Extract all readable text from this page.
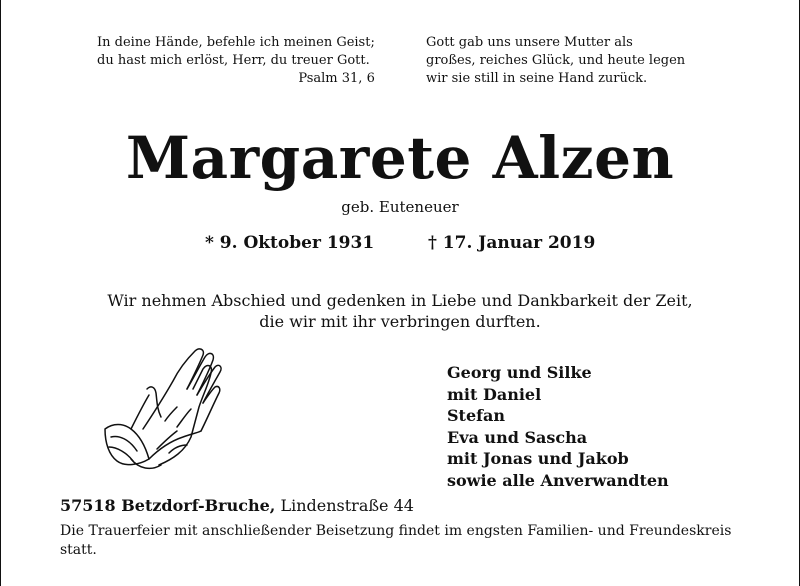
In deine Hände, befehle ich meinen Geist;
du hast mich erlöst, Herr, du treuer Gott.
Psalm 31, 6
Gott gab uns unsere Mutter als
großes, reiches Glück, und heute legen
wir sie still in seine Hand zurück.
Margarete Alzen
geb. Euteneuer
* 9. Oktober 1931	† 17. Januar 2019
Wir nehmen Abschied und gedenken in Liebe und Dankbarkeit der Zeit,
die wir mit ihr verbringen durften.
Georg und Silke
mit Daniel
Stefan
Eva und Sascha
mit Jonas und Jakob
sowie alle Anverwandten
57518 Betzdorf-Bruche, Lindenstraße 44
Die Trauerfeier mit anschließender Beisetzung findet im engsten Familien- und Freundeskreis statt.
